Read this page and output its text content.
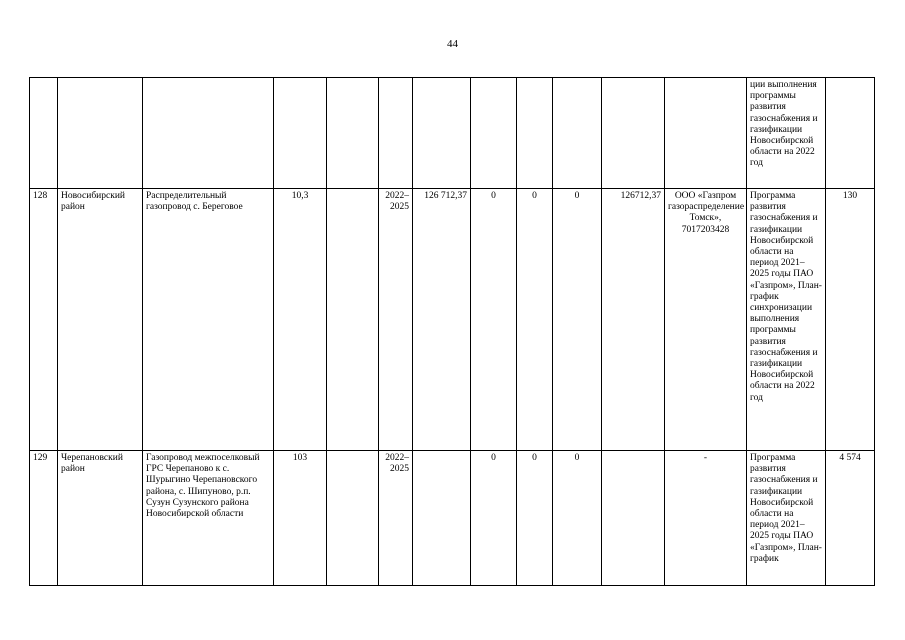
44
												ции выполнения программы развития газоснабжения и газификации Новосибирской области на 2022 год	
128	Новосибирский район	Распределительный газопровод с. Береговое	10,3		2022–2025	126 712,37	0	0	0	126712,37	ООО «Газпром газораспределение Томск», 7017203428	Программа развития газоснабжения и газификации Новосибирской области на период 2021–2025 годы ПАО «Газпром», План-график синхронизации выполнения программы развития газоснабжения и газификации Новосибирской области на 2022 год	130
129	Черепановский район	Газопровод межпоселковый ГРС Черепаново к с. Шурыгино Черепановского района, с. Шипуново, р.п. Сузун Сузунского района Новосибирской области	103		2022–2025		0	0	0		-	Программа развития газоснабжения и газификации Новосибирской области на период 2021–2025 годы ПАО «Газпром», План-график	4 574
